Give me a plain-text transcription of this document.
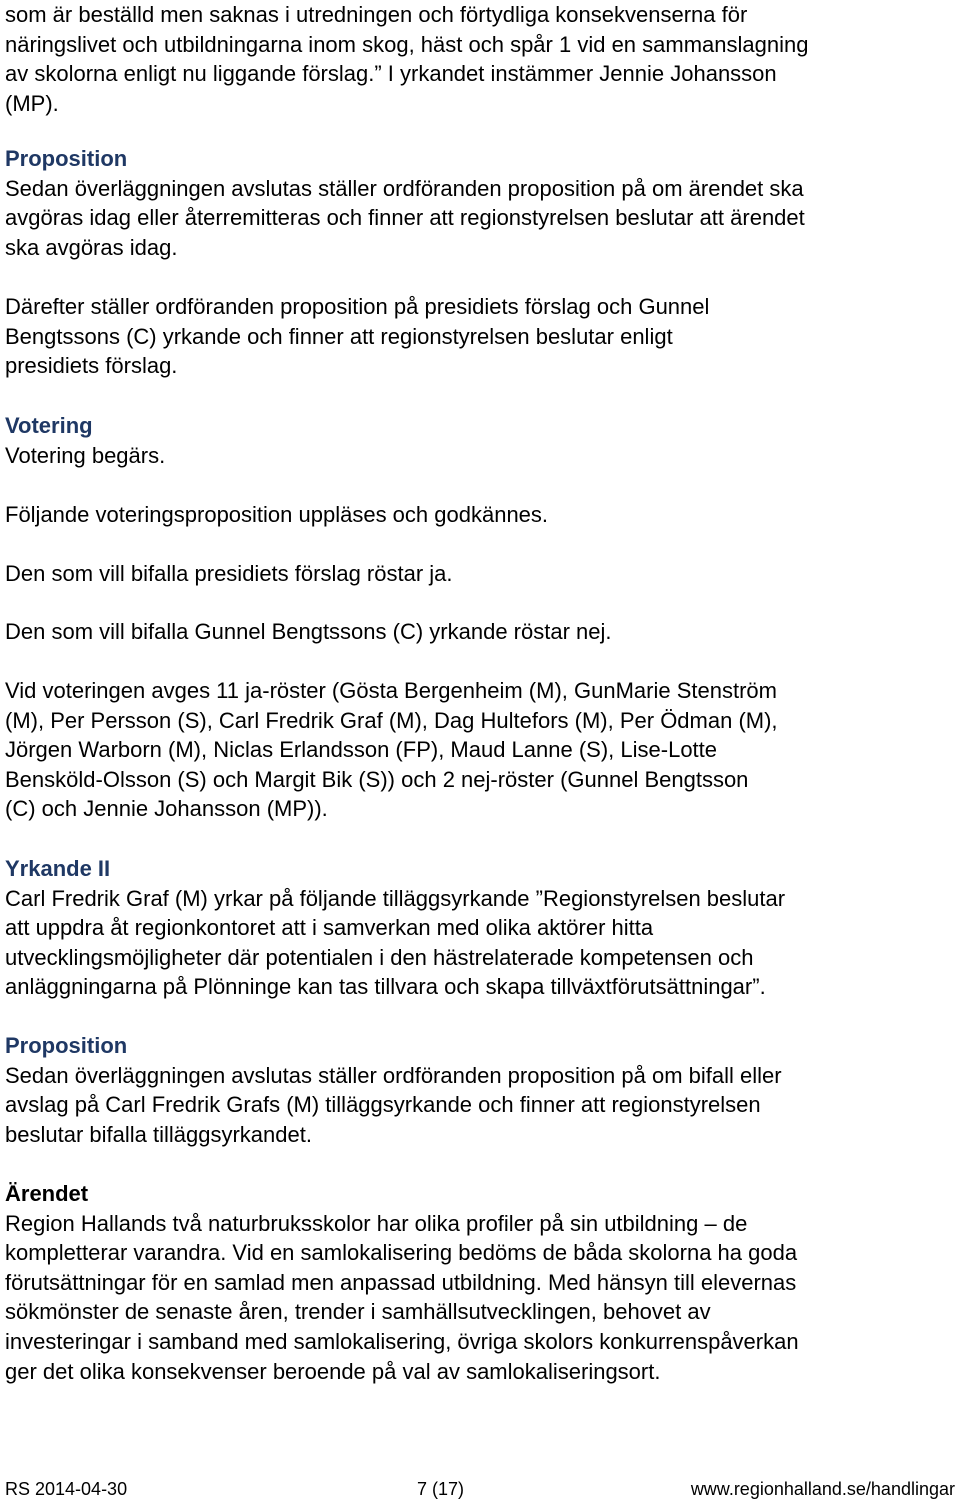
som är beställd men saknas i utredningen och förtydliga konsekvenserna för
näringslivet och utbildningarna inom skog, häst och spår 1 vid en sammanslagning
av skolorna enligt nu liggande förslag.” I yrkandet instämmer Jennie Johansson
(MP).

Proposition

Sedan överläggningen avslutas ställer ordföranden proposition på om ärendet ska
avgöras idag eller återremitteras och finner att regionstyrelsen beslutar att ärendet
ska avgöras idag.

Därefter ställer ordföranden proposition på presidiets förslag och Gunnel
Bengtssons (C) yrkande och finner att regionstyrelsen beslutar enligt
presidiets förslag.

Votering

Votering begärs.

Följande voteringsproposition uppläses och godkännes.

Den som vill bifalla presidiets förslag röstar ja.

Den som vill bifalla Gunnel Bengtssons (C) yrkande röstar nej.

Vid voteringen avges 11 ja-röster (Gösta Bergenheim (M), GunMarie Stenström
(M), Per Persson (S), Carl Fredrik Graf (M), Dag Hultefors (M), Per Ödman (M),
Jörgen Warborn (M), Niclas Erlandsson (FP), Maud Lanne (S), Lise-Lotte
Bensköld-Olsson (S) och Margit Bik (S)) och 2 nej-röster (Gunnel Bengtsson
(C) och Jennie Johansson (MP)).

Yrkande II

Carl Fredrik Graf (M) yrkar på följande tilläggsyrkande ”Regionstyrelsen beslutar
att uppdra åt regionkontoret att i samverkan med olika aktörer hitta
utvecklingsmöjligheter där potentialen i den hästrelaterade kompetensen och
anläggningarna på Plönninge kan tas tillvara och skapa tillväxtförutsättningar”.

Proposition

Sedan överläggningen avslutas ställer ordföranden proposition på om bifall eller
avslag på Carl Fredrik Grafs (M) tilläggsyrkande och finner att regionstyrelsen
beslutar bifalla tilläggsyrkandet.

Ärendet

Region Hallands två naturbruksskolor har olika profiler på sin utbildning – de
kompletterar varandra. Vid en samlokalisering bedöms de båda skolorna ha goda
förutsättningar för en samlad men anpassad utbildning. Med hänsyn till elevernas
sökmönster de senaste åren, trender i samhällsutvecklingen, behovet av
investeringar i samband med samlokalisering, övriga skolors konkurrenspåverkan
ger det olika konsekvenser beroende på val av samlokaliseringsort.

RS 2014-04-30	7 (17)	www.regionhalland.se/handlingar
